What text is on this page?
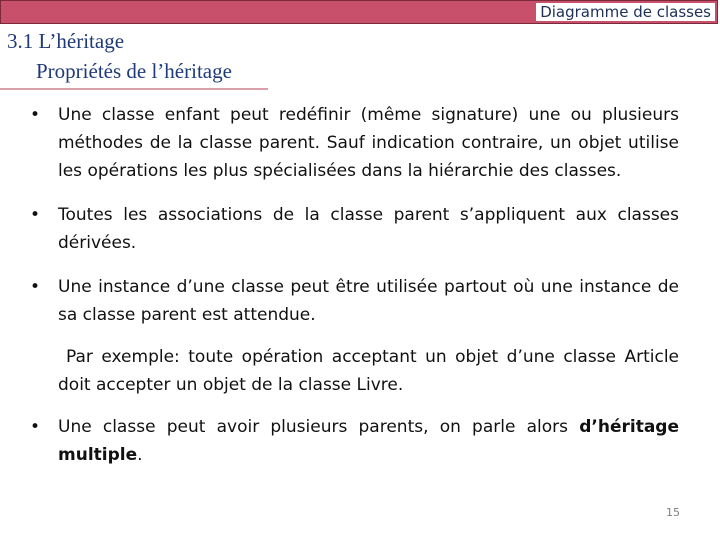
Diagramme de classes
3.1 L’héritage
Propriétés de l’héritage

• Une classe enfant peut redéfinir (même signature) une ou plusieurs méthodes de la classe parent. Sauf indication contraire, un objet utilise les opérations les plus spécialisées dans la hiérarchie des classes.

• Toutes les associations de la classe parent s’appliquent aux classes dérivées.

• Une instance d’une classe peut être utilisée partout où une instance de sa classe parent est attendue.

Par exemple: toute opération acceptant un objet d’une classe Article doit accepter un objet de la classe Livre.

• Une classe peut avoir plusieurs parents, on parle alors d’héritage multiple.

15
